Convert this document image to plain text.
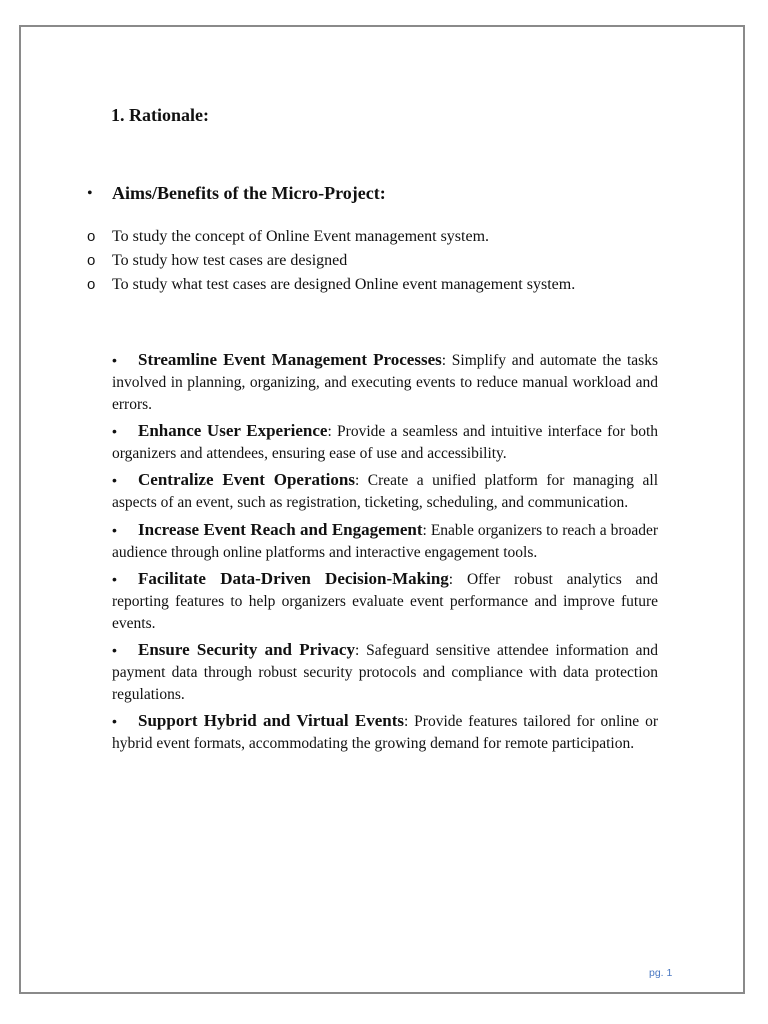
1. Rationale:
• Aims/Benefits of the Micro-Project:
o To study the concept of Online Event management system.
o To study how test cases are designed
o To study what test cases are designed Online event management system.

• Streamline Event Management Processes: Simplify and automate the tasks involved in planning, organizing, and executing events to reduce manual workload and errors.

• Enhance User Experience: Provide a seamless and intuitive interface for both organizers and attendees, ensuring ease of use and accessibility.

• Centralize Event Operations: Create a unified platform for managing all aspects of an event, such as registration, ticketing, scheduling, and communication.

• Increase Event Reach and Engagement: Enable organizers to reach a broader audience through online platforms and interactive engagement tools.

• Facilitate Data-Driven Decision-Making: Offer robust analytics and reporting features to help organizers evaluate event performance and improve future events.

• Ensure Security and Privacy: Safeguard sensitive attendee information and payment data through robust security protocols and compliance with data protection regulations.

• Support Hybrid and Virtual Events: Provide features tailored for online or hybrid event formats, accommodating the growing demand for remote participation.

pg. 1
